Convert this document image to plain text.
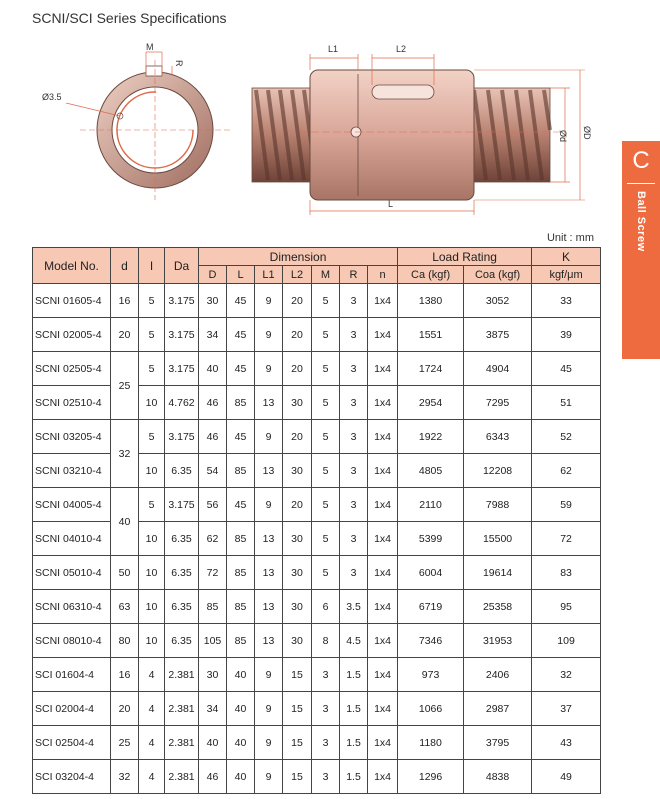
SCNI/SCI Series Specifications
M
R
Ø3.5
L1	L2
L
Ød ØD
C
Ball Screw
Unit : mm
Model No.	d	I	Da	Dimension							Load Rating		K
				D	L	L1	L2	M	R	n	Ca (kgf)	Coa (kgf)	kgf/μm
SCNI 01605-4	16	5	3.175	30	45	9	20	5	3	1x4	1380	3052	33
SCNI 02005-4	20	5	3.175	34	45	9	20	5	3	1x4	1551	3875	39
SCNI 02505-4	25	5	3.175	40	45	9	20	5	3	1x4	1724	4904	45
SCNI 02510-4		10	4.762	46	85	13	30	5	3	1x4	2954	7295	51
SCNI 03205-4	32	5	3.175	46	45	9	20	5	3	1x4	1922	6343	52
SCNI 03210-4		10	6.35	54	85	13	30	5	3	1x4	4805	12208	62
SCNI 04005-4	40	5	3.175	56	45	9	20	5	3	1x4	2110	7988	59
SCNI 04010-4		10	6.35	62	85	13	30	5	3	1x4	5399	15500	72
SCNI 05010-4	50	10	6.35	72	85	13	30	5	3	1x4	6004	19614	83
SCNI 06310-4	63	10	6.35	85	85	13	30	6	3.5	1x4	6719	25358	95
SCNI 08010-4	80	10	6.35	105	85	13	30	8	4.5	1x4	7346	31953	109
SCI 01604-4	16	4	2.381	30	40	9	15	3	1.5	1x4	973	2406	32
SCI 02004-4	20	4	2.381	34	40	9	15	3	1.5	1x4	1066	2987	37
SCI 02504-4	25	4	2.381	40	40	9	15	3	1.5	1x4	1180	3795	43
SCI 03204-4	32	4	2.381	46	40	9	15	3	1.5	1x4	1296	4838	49
